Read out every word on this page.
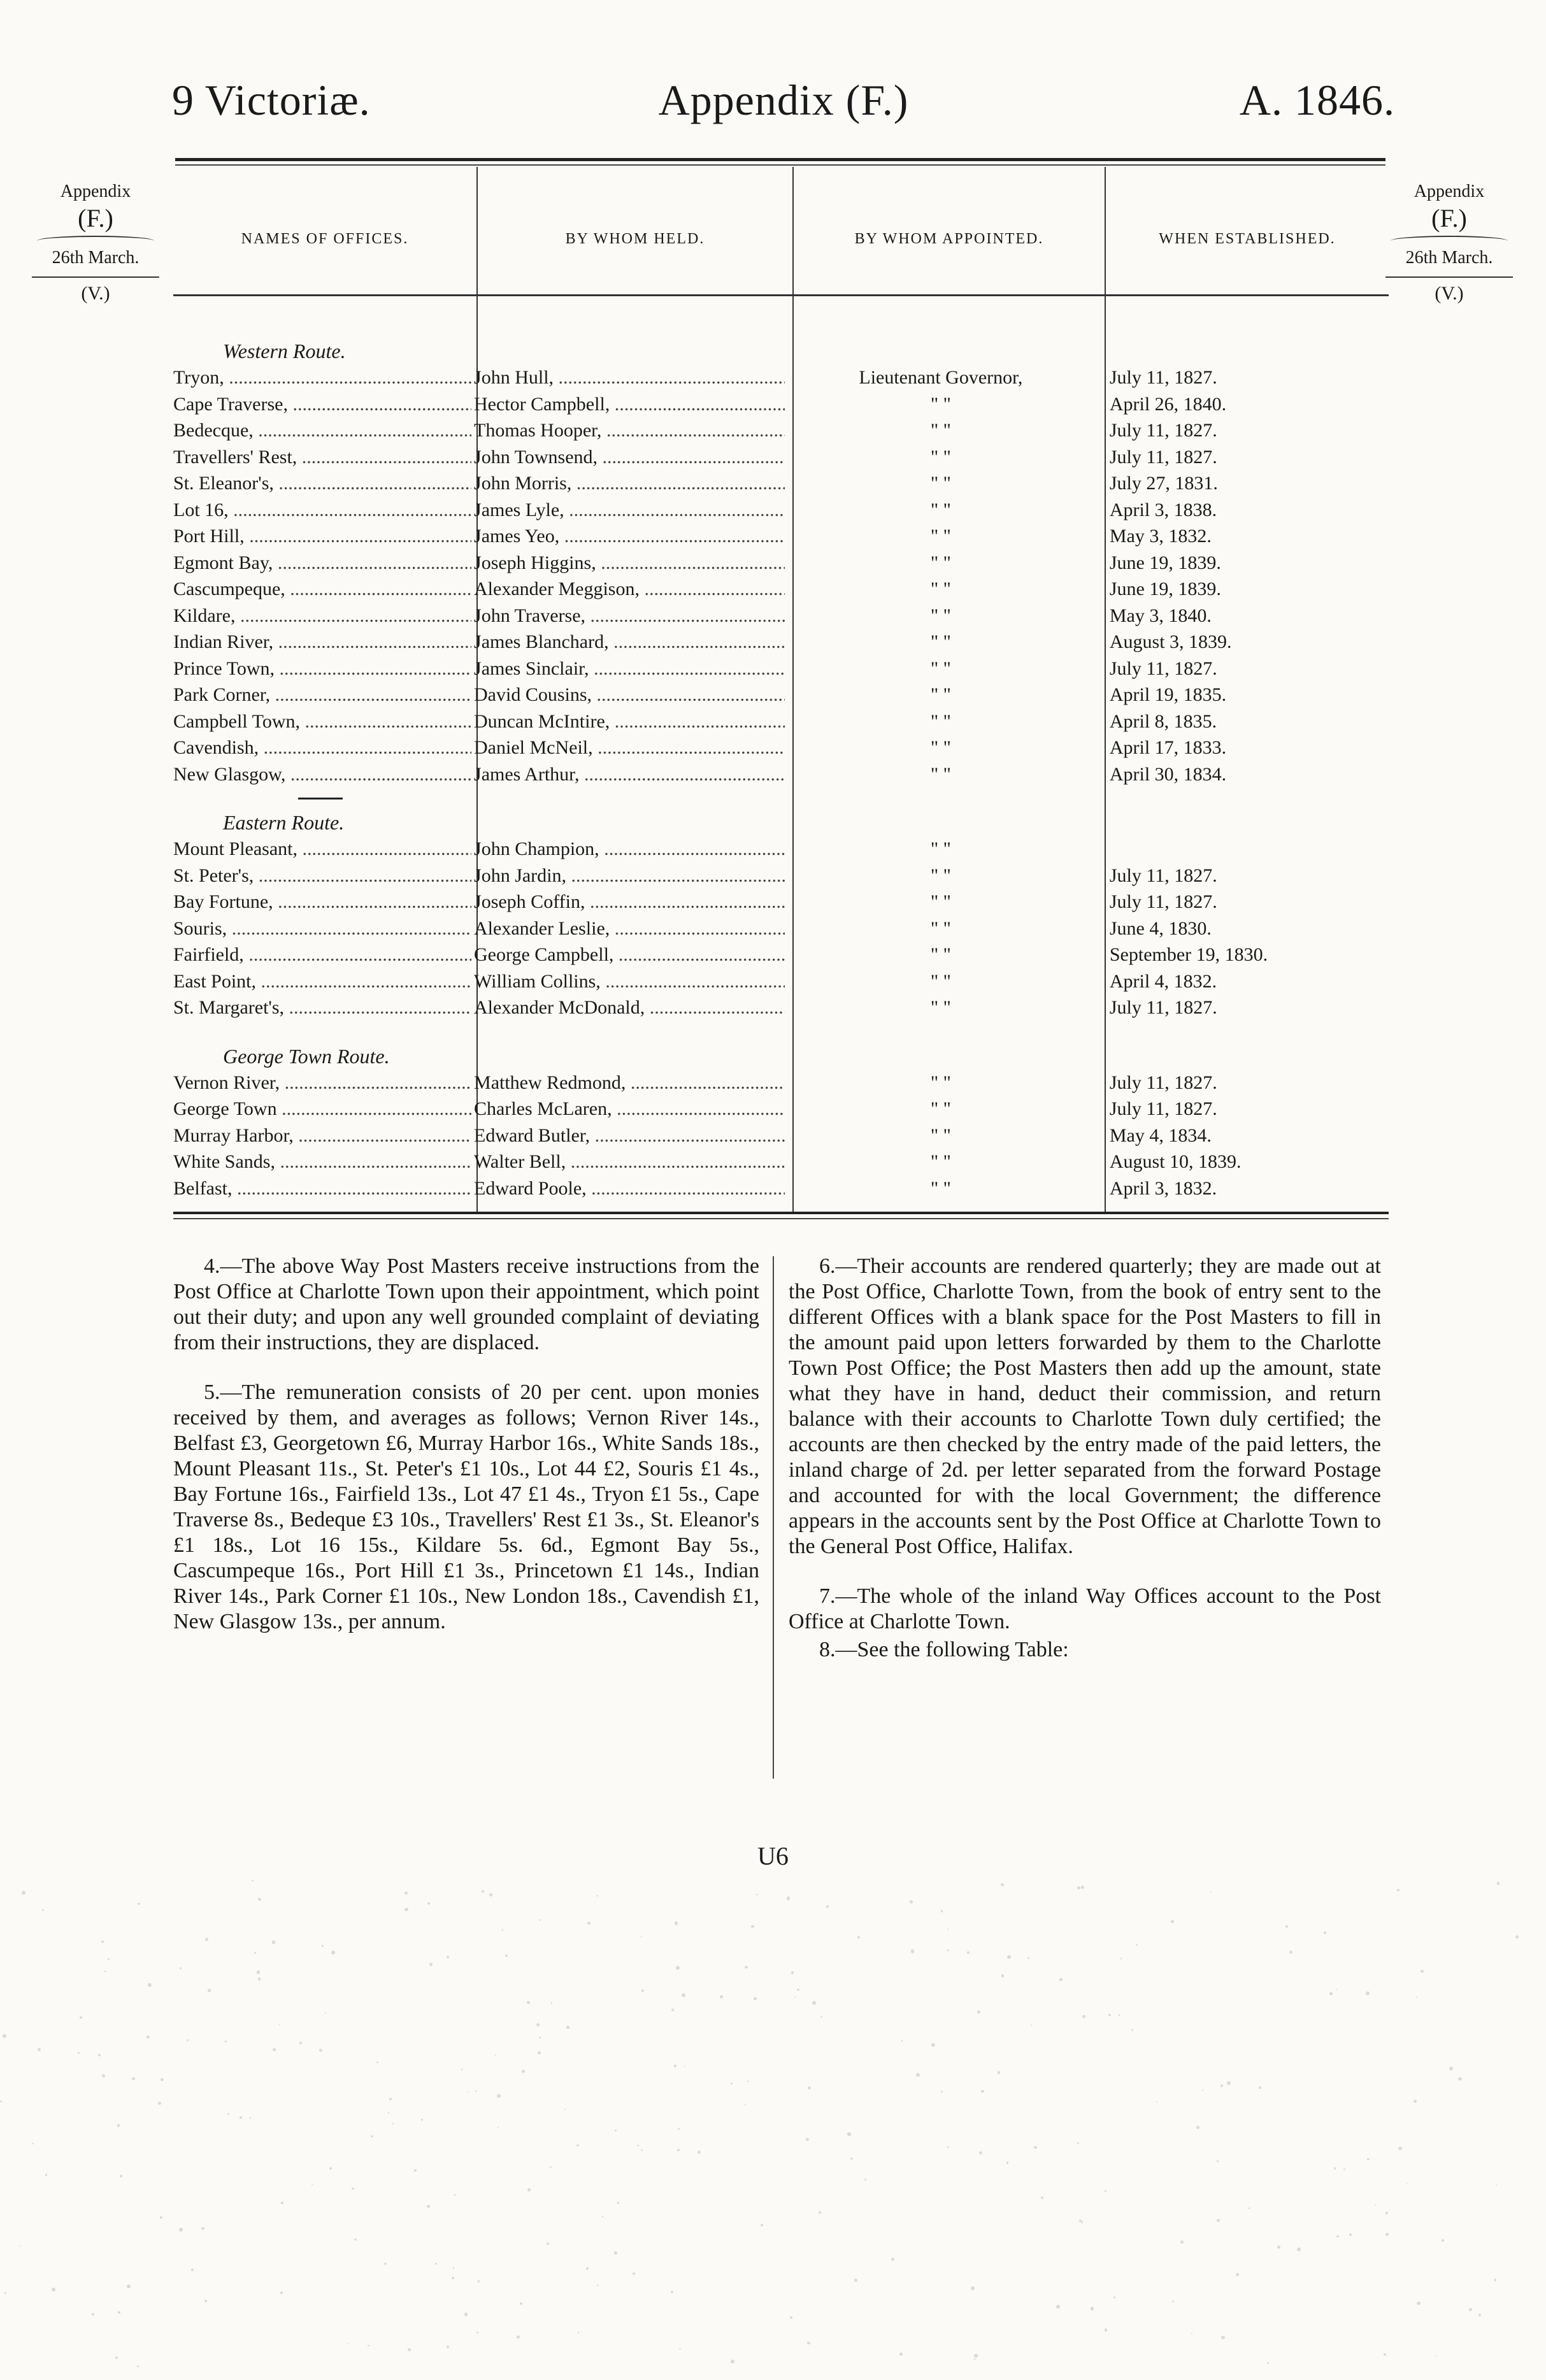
Appendix (F.)
9 Victoriæ.	A. 1846.
Appendix
(F.)
26th March.
(V.)
Appendix
(F.)
26th March.
(V.)
NAMES OF OFFICES.	BY WHOM HELD.	BY WHOM APPOINTED.	WHEN ESTABLISHED.
Western Route.
Tryon, .....	John Hull, .....	Lieutenant Governor,	July 11, 1827.
Cape Traverse, .....	Hector Campbell, .....	" "	April 26, 1840.
Bedecque, .....	Thomas Hooper, .....	" "	July 11, 1827.
Travellers' Rest, .....	John Townsend, .....	" "	July 11, 1827.
St. Eleanor's, .....	John Morris, .....	" "	July 27, 1831.
Lot 16, .....	James Lyle, .....	" "	April 3, 1838.
Port Hill, .....	James Yeo, .....	" "	May 3, 1832.
Egmont Bay, .....	Joseph Higgins, .....	" "	June 19, 1839.
Cascumpeque, .....	Alexander Meggison, .....	" "	June 19, 1839.
Kildare, .....	John Traverse, .....	" "	May 3, 1840.
Indian River, .....	James Blanchard, .....	" "	August 3, 1839.
Prince Town, .....	James Sinclair, .....	" "	July 11, 1827.
Park Corner, .....	David Cousins, .....	" "	April 19, 1835.
Campbell Town, .....	Duncan McIntire, .....	" "	April 8, 1835.
Cavendish, .....	Daniel McNeil, .....	" "	April 17, 1833.
New Glasgow, .....	James Arthur, .....	" "	April 30, 1834.
Eastern Route.
Mount Pleasant, .....	John Champion, .....	" "
St. Peter's, .....	John Jardin, .....	" "	July 11, 1827.
Bay Fortune, .....	Joseph Coffin, .....	" "	July 11, 1827.
Souris, .....	Alexander Leslie, .....	" "	June 4, 1830.
Fairfield, .....	George Campbell, .....	" "	September 19, 1830.
East Point, .....	William Collins, .....	" "	April 4, 1832.
St. Margaret's, .....	Alexander McDonald, .....	" "	July 11, 1827.
George Town Route.
Vernon River, .....	Matthew Redmond, .....	" "	July 11, 1827.
George Town .....	Charles McLaren, .....	" "	July 11, 1827.
Murray Harbor, .....	Edward Butler, .....	" "	May 4, 1834.
White Sands, .....	Walter Bell, .....	" "	August 10, 1839.
Belfast, .....	Edward Poole, .....	" "	April 3, 1832.

4.—The above Way Post Masters receive instructions from the Post Office at Charlotte Town upon their appointment, which point out their duty; and upon any well grounded complaint of deviating from their instructions, they are displaced.

5.—The remuneration consists of 20 per cent. upon monies received by them, and averages as follows; Vernon River 14s., Belfast £3, Georgetown £6, Murray Harbor 16s., White Sands 18s., Mount Pleasant 11s., St. Peter's £1 10s., Lot 44 £2, Souris £1 4s., Bay Fortune 16s., Fairfield 13s., Lot 47 £1 4s., Tryon £1 5s., Cape Traverse 8s., Bedeque £3 10s., Travellers' Rest £1 3s., St. Eleanor's £1 18s., Lot 16 15s., Kildare 5s. 6d., Egmont Bay 5s., Cascumpeque 16s., Port Hill £1 3s., Princetown £1 14s., Indian River 14s., Park Corner £1 10s., New London 18s., Cavendish £1, New Glasgow 13s., per annum.

6.—Their accounts are rendered quarterly; they are made out at the Post Office, Charlotte Town, from the book of entry sent to the different Offices with a blank space for the Post Masters to fill in the amount paid upon letters forwarded by them to the Charlotte Town Post Office; the Post Masters then add up the amount, state what they have in hand, deduct their commission, and return balance with their accounts to Charlotte Town duly certified; the accounts are then checked by the entry made of the paid letters, the inland charge of 2d. per letter separated from the forward Postage and accounted for with the local Government; the difference appears in the accounts sent by the Post Office at Charlotte Town to the General Post Office, Halifax.

7.—The whole of the inland Way Offices account to the Post Office at Charlotte Town.

8.—See the following Table:

U6
